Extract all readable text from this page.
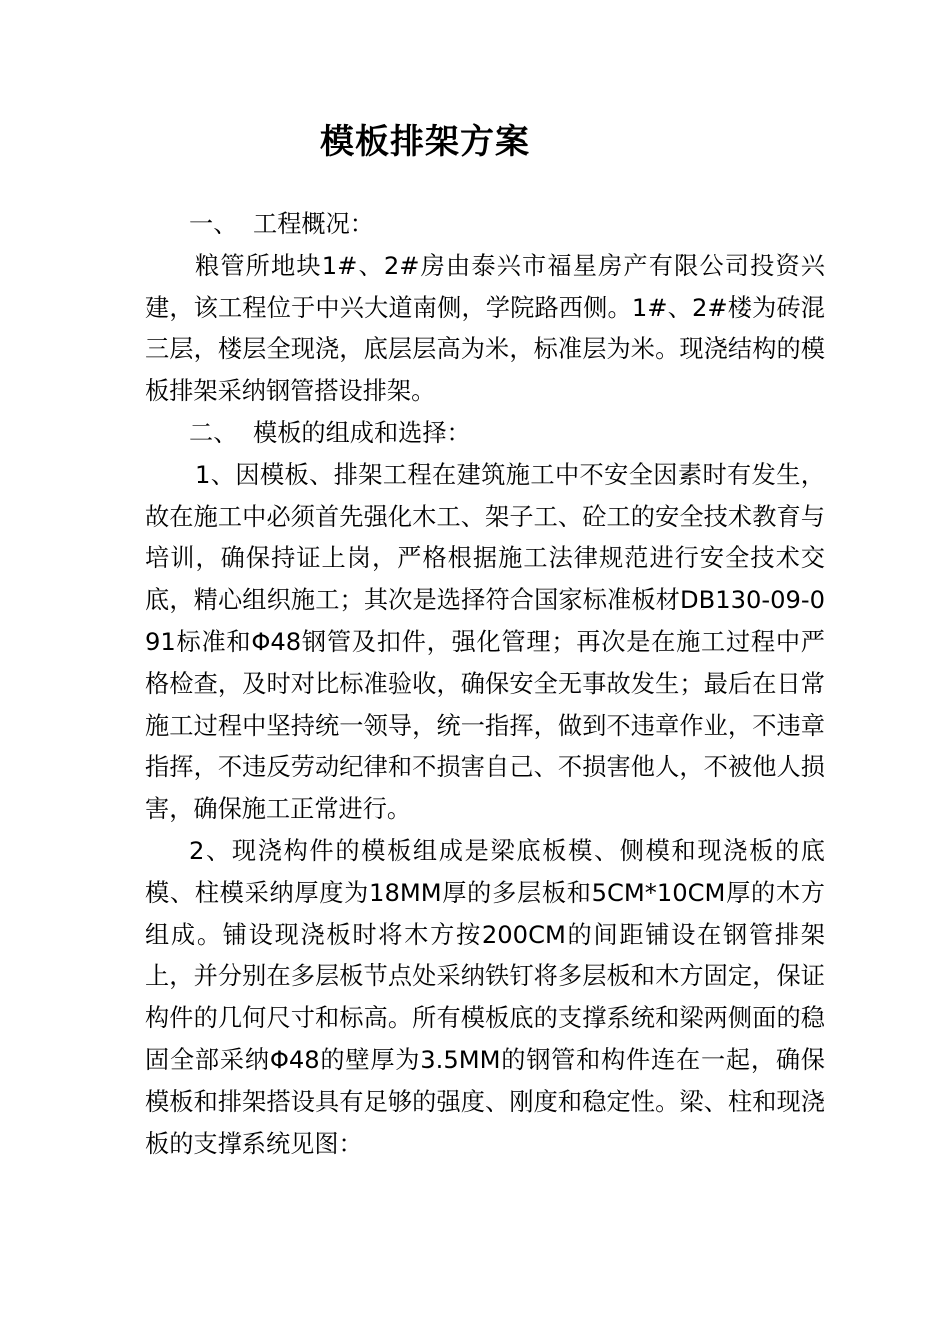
模板排架方案

一、 工程概况：

粮管所地块1#、2#房由泰兴市福星房产有限公司投资兴建，该工程位于中兴大道南侧，学院路西侧。1#、2#楼为砖混三层，楼层全现浇，底层层高为米，标准层为米。现浇结构的模板排架采纳钢管搭设排架。

二、 模板的组成和选择：

1、因模板、排架工程在建筑施工中不安全因素时有发生，故在施工中必须首先强化木工、架子工、砼工的安全技术教育与培训，确保持证上岗，严格根据施工法律规范进行安全技术交底，精心组织施工；其次是选择符合国家标准板材DB130-09-091标准和Φ48钢管及扣件，强化管理；再次是在施工过程中严格检查，及时对比标准验收，确保安全无事故发生；最后在日常施工过程中坚持统一领导，统一指挥，做到不违章作业，不违章指挥，不违反劳动纪律和不损害自己、不损害他人，不被他人损害，确保施工正常进行。

2、现浇构件的模板组成是梁底板模、侧模和现浇板的底模、柱模采纳厚度为18MM厚的多层板和5CM*10CM厚的木方组成。铺设现浇板时将木方按200CM的间距铺设在钢管排架上，并分别在多层板节点处采纳铁钉将多层板和木方固定，保证构件的几何尺寸和标高。所有模板底的支撑系统和梁两侧面的稳固全部采纳Φ48的壁厚为3.5MM的钢管和构件连在一起，确保模板和排架搭设具有足够的强度、刚度和稳定性。梁、柱和现浇板的支撑系统见图：
